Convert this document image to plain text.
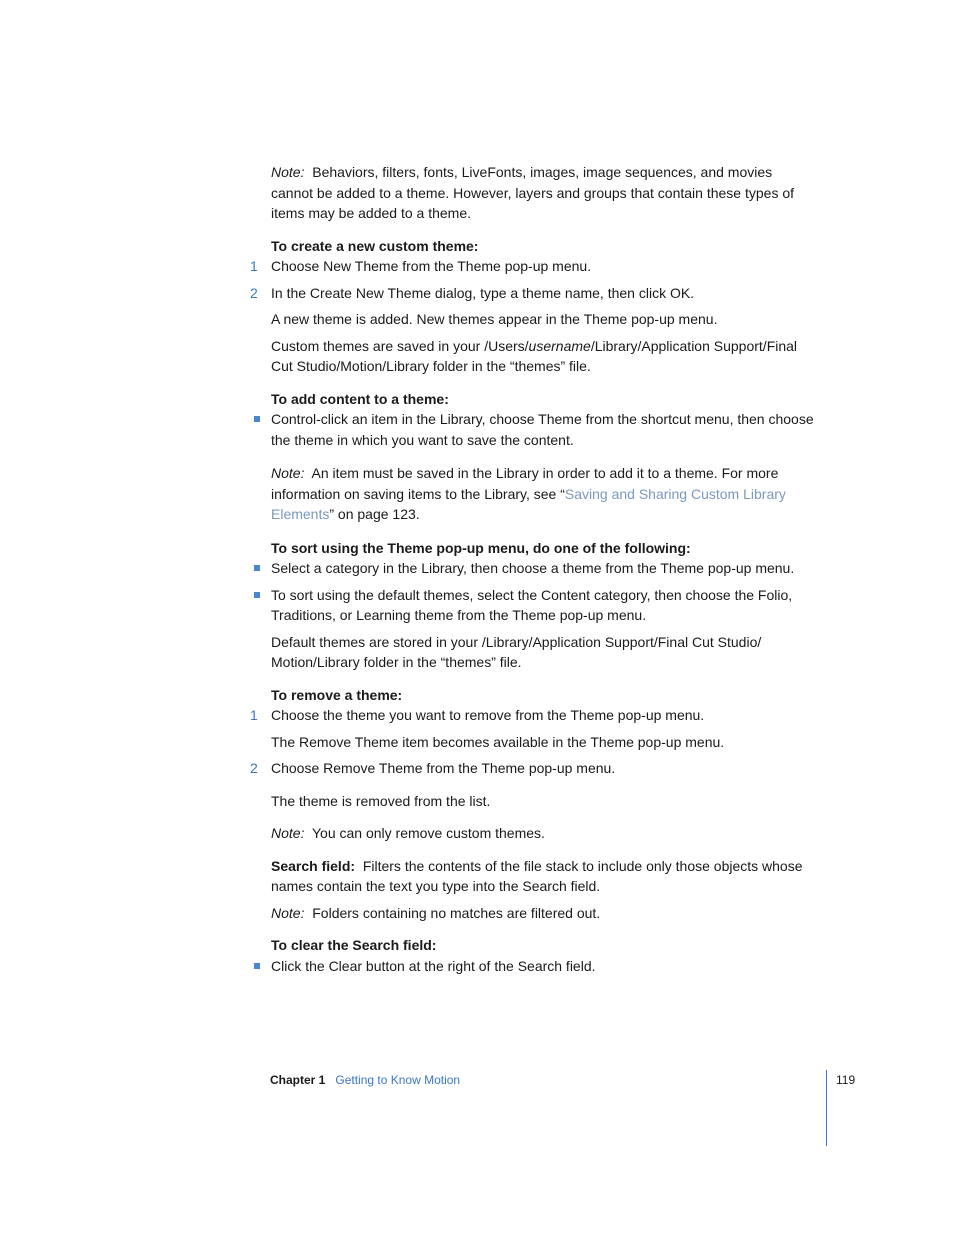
Note: Behaviors, filters, fonts, LiveFonts, images, image sequences, and movies cannot be added to a theme. However, layers and groups that contain these types of items may be added to a theme.
To create a new custom theme:
1 Choose New Theme from the Theme pop-up menu.
2 In the Create New Theme dialog, type a theme name, then click OK.
A new theme is added. New themes appear in the Theme pop-up menu.
Custom themes are saved in your /Users/username/Library/Application Support/Final Cut Studio/Motion/Library folder in the “themes” file.
To add content to a theme:
Control-click an item in the Library, choose Theme from the shortcut menu, then choose the theme in which you want to save the content.
Note: An item must be saved in the Library in order to add it to a theme. For more information on saving items to the Library, see “Saving and Sharing Custom Library Elements” on page 123.
To sort using the Theme pop-up menu, do one of the following:
Select a category in the Library, then choose a theme from the Theme pop-up menu.
To sort using the default themes, select the Content category, then choose the Folio, Traditions, or Learning theme from the Theme pop-up menu.
Default themes are stored in your /Library/Application Support/Final Cut Studio/ Motion/Library folder in the “themes” file.
To remove a theme:
1 Choose the theme you want to remove from the Theme pop-up menu.
The Remove Theme item becomes available in the Theme pop-up menu.
2 Choose Remove Theme from the Theme pop-up menu.
The theme is removed from the list.
Note: You can only remove custom themes.
Search field: Filters the contents of the file stack to include only those objects whose names contain the text you type into the Search field.
Note: Folders containing no matches are filtered out.
To clear the Search field:
Click the Clear button at the right of the Search field.
Chapter 1 Getting to Know Motion	119
